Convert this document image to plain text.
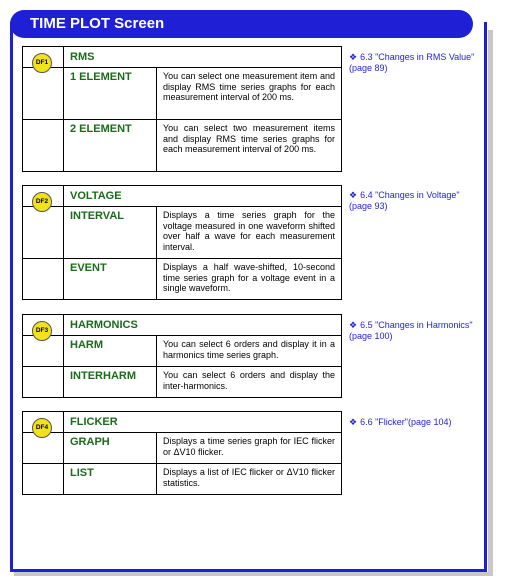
TIME PLOT Screen
RMS
1 ELEMENT	You can select one measurement item and display RMS time series graphs for each measurement interval of 200 ms.
2 ELEMENT	You can select two measurement items and display RMS time series graphs for each measurement interval of 200 ms.
DF1
❖ 6.3 "Changes in RMS Value"(page 89)
VOLTAGE
INTERVAL	Displays a time series graph for the voltage measured in one waveform shifted over half a wave for each measurement interval.
EVENT	Displays a half wave-shifted, 10-second time series graph for a voltage event in a single waveform.
DF2
❖ 6.4 "Changes in Voltage"(page 93)
HARMONICS
HARM	You can select 6 orders and display it in a harmonics time series graph.
INTERHARM	You can select 6 orders and display the inter-harmonics.
DF3
❖ 6.5 "Changes in Harmonics"(page 100)
FLICKER
GRAPH	Displays a time series graph for IEC flicker or ΔV10 flicker.
LIST	Displays a list of IEC flicker or ΔV10 flicker statistics.
DF4
❖ 6.6 "Flicker"(page 104)
